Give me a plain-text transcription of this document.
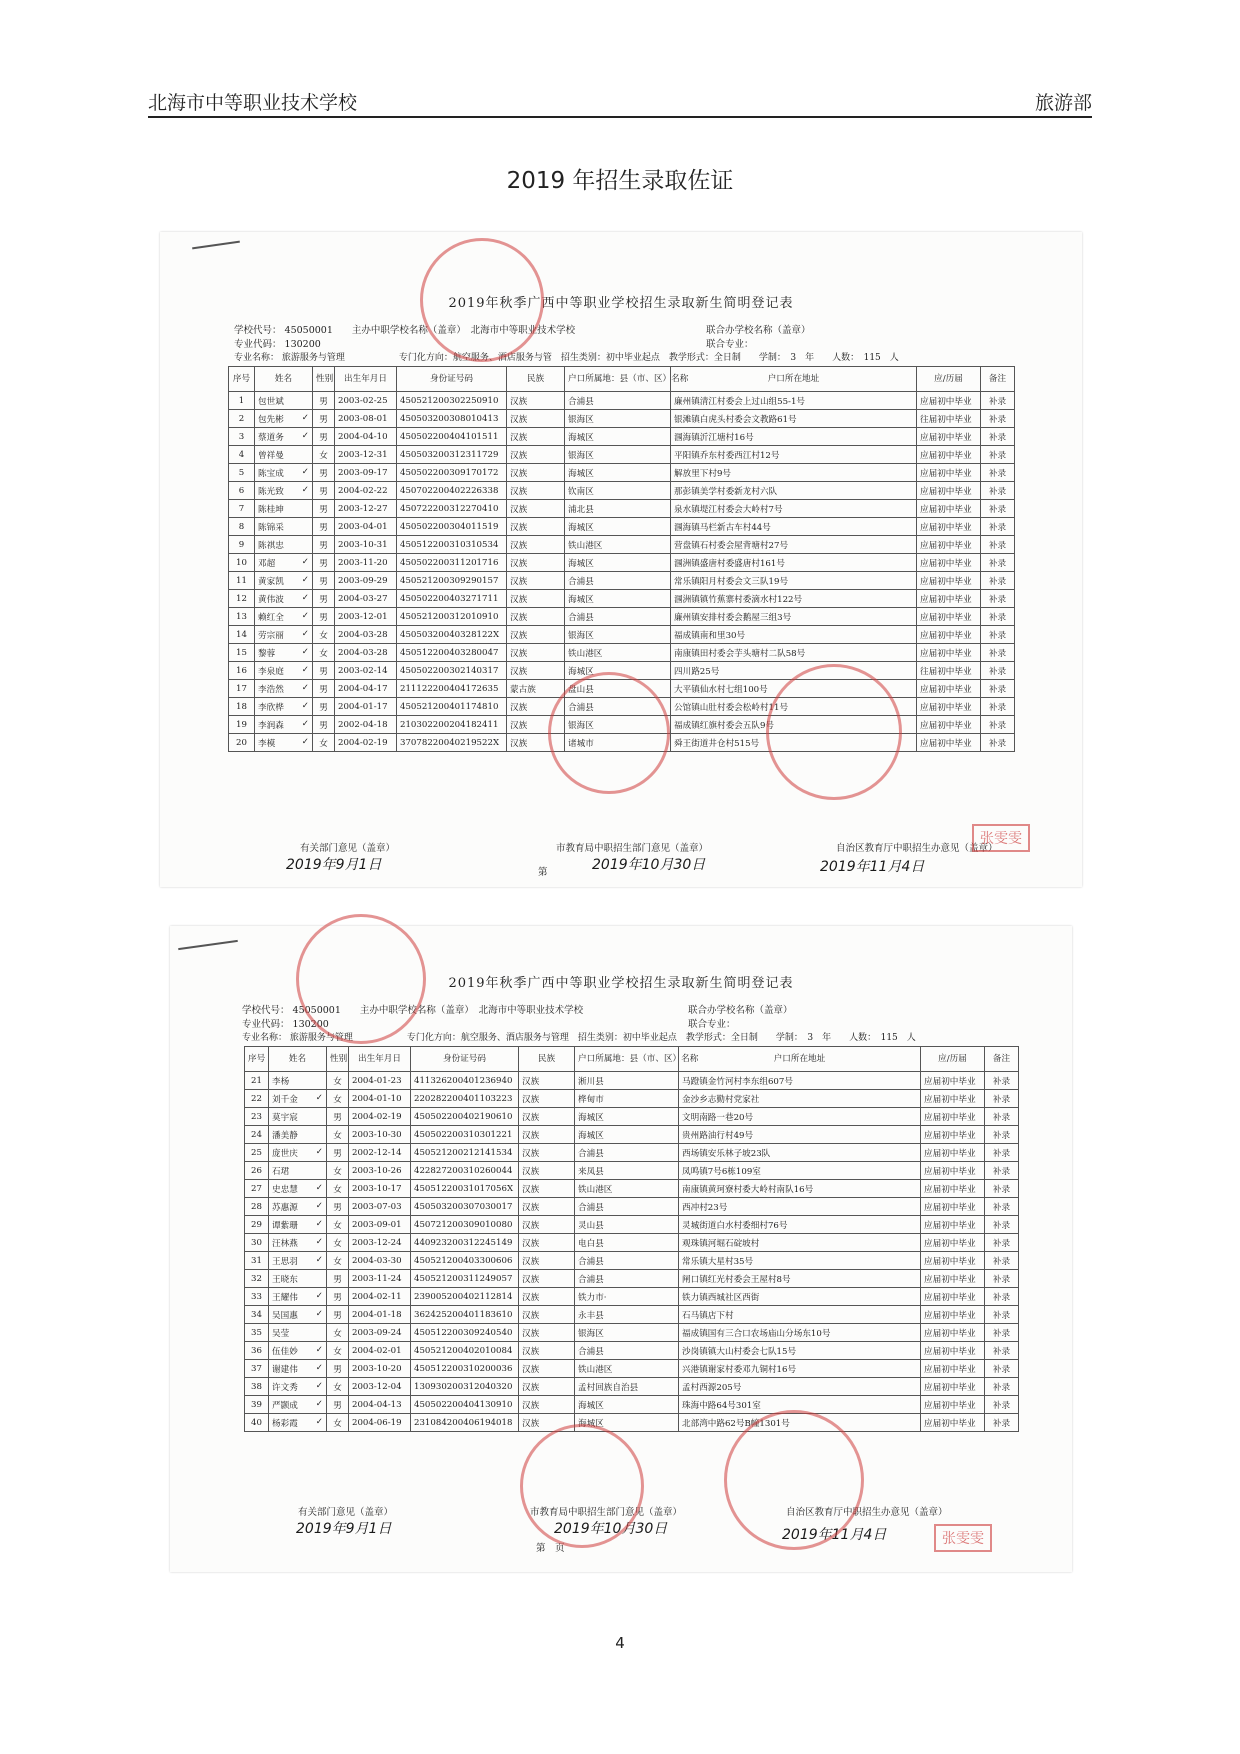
北海市中等职业技术学校	旅游部
2019 年招生录取佐证
2019年秋季广西中等职业学校招生录取新生简明登记表
学校代号： 45050001　　主办中职学校名称（盖章）　北海市中等职业技术学校	联合办学校名称（盖章）
专业代码： 130200	联合专业：
专业名称： 旅游服务与管理　　　　　　专门化方向：航空服务、酒店服务与管　招生类别：初中毕业起点　教学形式：全日制　　学制：　3　年　　人数：　115　人
序号	姓名	性别	出生年月日	身份证号码	民族	户口所属地：县（市、区）名称	户口所在地址	应/历届	备注
1	包世斌	男	2003-02-25	450521200302250910	汉族	合浦县	廉州镇清江村委会上过山组55-1号	应届初中毕业	补录
2	包先彬 ✓	男	2003-08-01	450503200308010413	汉族	银海区	银滩镇白虎头村委会文教路61号	往届初中毕业	补录
3	蔡道务 ✓	男	2004-04-10	450502200404101511	汉族	海城区	涠海镇沂江塘村16号	应届初中毕业	补录
4	曾祥曼	女	2003-12-31	450503200312311729	汉族	银海区	平阳镇乔东村委西江村12号	应届初中毕业	补录
5	陈宝成 ✓	男	2003-09-17	450502200309170172	汉族	海城区	解放里下村9号	应届初中毕业	补录
6	陈光致 ✓	男	2004-02-22	450702200402226338	汉族	钦南区	那彭镇美学村委新龙村六队	应届初中毕业	补录
7	陈桂坤	男	2003-12-27	450722200312270410	汉族	浦北县	泉水镇堤江村委会大岭村7号	应届初中毕业	补录
8	陈锦采	男	2003-04-01	450502200304011519	汉族	海城区	涠海镇马栏新古车村44号	应届初中毕业	补录
9	陈祺忠	男	2003-10-31	450512200310310534	汉族	铁山港区	营盘镇石村委会屋背塘村27号	应届初中毕业	补录
10	邓超 ✓	男	2003-11-20	450502200311201716	汉族	海城区	涠洲镇盛唐村委盛唐村161号	应届初中毕业	补录
11	黄家凯 ✓	男	2003-09-29	450521200309290157	汉族	合浦县	常乐镇阳月村委会文三队19号	应届初中毕业	补录
12	黄伟波 ✓	男	2004-03-27	450502200403271711	汉族	海城区	涠洲镇镇竹蕉寨村委滴水村122号	应届初中毕业	补录
13	赖红全 ✓	男	2003-12-01	450521200312010910	汉族	合浦县	廉州镇安排村委会鹅屋三组3号	应届初中毕业	补录
14	劳宗丽 ✓	女	2004-03-28	45050320040328122X	汉族	银海区	福成镇南和里30号	应届初中毕业	补录
15	黎蓉 ✓	女	2004-03-28	450512200403280047	汉族	铁山港区	南康镇田村委会芋头塘村二队58号	应届初中毕业	补录
16	李泉庭 ✓	男	2003-02-14	450502200302140317	汉族	海城区	四川路25号	往届初中毕业	补录
17	李浩然 ✓	男	2004-04-17	211122200404172635	蒙古族	盘山县	大平镇仙水村七组100号	应届初中毕业	补录
18	李欣桦 ✓	男	2004-01-17	450521200401174810	汉族	合浦县	公馆镇山肚村委会松岭村11号	应届初中毕业	补录
19	李润森 ✓	男	2002-04-18	210302200204182411	汉族	银海区	福成镇红旗村委会五队9号	应届初中毕业	补录
20	李模 ✓	女	2004-02-19	37078220040219522X	汉族	诸城市	舜王街道井仓村515号	应届初中毕业	补录
有关部门意见（盖章）	市教育局中职招生部门意见（盖章）	自治区教育厅中职招生办意见（盖章）
2019年9月1日	2019年10月30日	2019年11月4日
第
张雯雯
2019年秋季广西中等职业学校招生录取新生简明登记表
学校代号： 45050001　　主办中职学校名称（盖章）　北海市中等职业技术学校	联合办学校名称（盖章）
专业代码： 130200	联合专业：
专业名称： 旅游服务与管理　　　　　　专门化方向：航空服务、酒店服务与管理　招生类别：初中毕业起点　教学形式：全日制　　学制：　3　年　　人数：　115　人
序号	姓名	性别	出生年月日	身份证号码	民族	户口所属地：县（市、区）名称	户口所在地址	应/历届	备注
21	李杨	女	2004-01-23	411326200401236940	汉族	淅川县	马蹬镇金竹河村李东组607号	应届初中毕业	补录
22	刘千金 ✓	女	2004-01-10	220282200401103223	汉族	桦甸市	金沙乡志勤村党家社	应届初中毕业	补录
23	莫宇宸	男	2004-02-19	450502200402190610	汉族	海城区	文明南路一巷20号	应届初中毕业	补录
24	潘美静	女	2003-10-30	450502200310301221	汉族	海城区	贵州路油行村49号	应届初中毕业	补录
25	庞世庆 ✓	男	2002-12-14	450521200212141534	汉族	合浦县	西场镇安乐林子坡23队	应届初中毕业	补录
26	石珺	女	2003-10-26	422827200310260044	汉族	来凤县	凤鸣镇7号6栋109室	应届初中毕业	补录
27	史忠慧 ✓	女	2003-10-17	45051220031017056X	汉族	铁山港区	南康镇黄珂寮村委大岭村南队16号	应届初中毕业	补录
28	苏惠源 ✓	男	2003-07-03	450503200307030017	汉族	合浦县	西冲村23号	应届初中毕业	补录
29	谭紫珊 ✓	女	2003-09-01	450721200309010080	汉族	灵山县	灵城街道白水村委细村76号	应届初中毕业	补录
30	汪林燕 ✓	女	2003-12-24	440923200312245149	汉族	电白县	观珠镇河堀石碇坡村	应届初中毕业	补录
31	王思羽 ✓	女	2004-03-30	450521200403300606	汉族	合浦县	常乐镇大星村35号	应届初中毕业	补录
32	王晓东	男	2003-11-24	450521200311249057	汉族	合浦县	闸口镇红光村委会王屋村8号	应届初中毕业	补录
33	王耀伟 ✓	男	2004-02-11	239005200402112814	汉族	铁力市·	铁力镇西城社区西街	应届初中毕业	补录
34	吴国惠 ✓	男	2004-01-18	362425200401183610	汉族	永丰县	石马镇店下村	应届初中毕业	补录
35	吴莹	女	2003-09-24	450512200309240540	汉族	银海区	福成镇国有三合口农场庙山分场东10号	应届初中毕业	补录
36	伍佳妙 ✓	女	2004-02-01	450521200402010084	汉族	合浦县	沙岗镇镇大山村委会七队15号	应届初中毕业	补录
37	谢建伟 ✓	男	2003-10-20	450512200310200036	汉族	铁山港区	兴港镇谢家村委邓九铜村16号	应届初中毕业	补录
38	许文秀 ✓	女	2003-12-04	130930200312040320	汉族	孟村回族自治县	孟村西源205号	应届初中毕业	补录
39	严颢成 ✓	男	2004-04-13	450502200404130910	汉族	海城区	珠海中路64号301室	应届初中毕业	补录
40	杨彩霞 ✓	女	2004-06-19	231084200406194018	汉族	海城区	北部湾中路62号B幢1301号	应届初中毕业	补录
有关部门意见（盖章）	市教育局中职招生部门意见（盖章）	自治区教育厅中职招生办意见（盖章）
2019年9月1日	2019年10月30日	2019年11月4日
第　页
张雯雯
4
